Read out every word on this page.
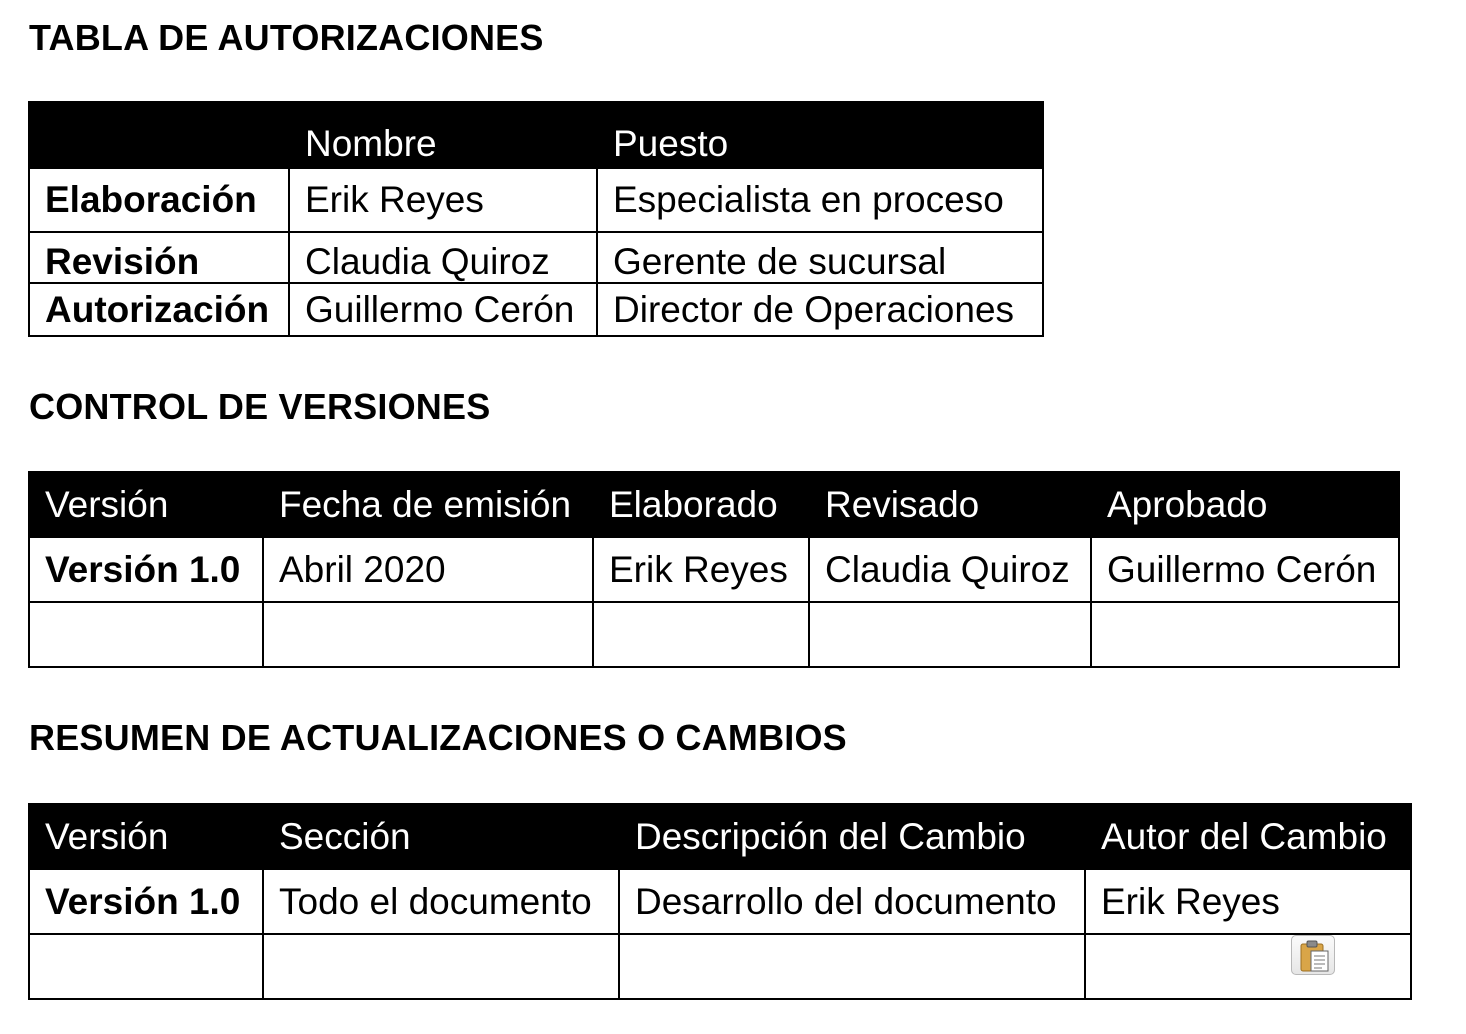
TABLA DE AUTORIZACIONES
	Nombre	Puesto
Elaboración	Erik Reyes	Especialista en proceso
Revisión	Claudia Quiroz	Gerente de sucursal
Autorización	Guillermo Cerón	Director de Operaciones
CONTROL DE VERSIONES
Versión	Fecha de emisión	Elaborado	Revisado	Aprobado
Versión 1.0	Abril 2020	Erik Reyes	Claudia Quiroz	Guillermo Cerón

RESUMEN DE ACTUALIZACIONES O CAMBIOS
Versión	Sección	Descripción del Cambio	Autor del Cambio
Versión 1.0	Todo el documento	Desarrollo del documento	Erik Reyes
